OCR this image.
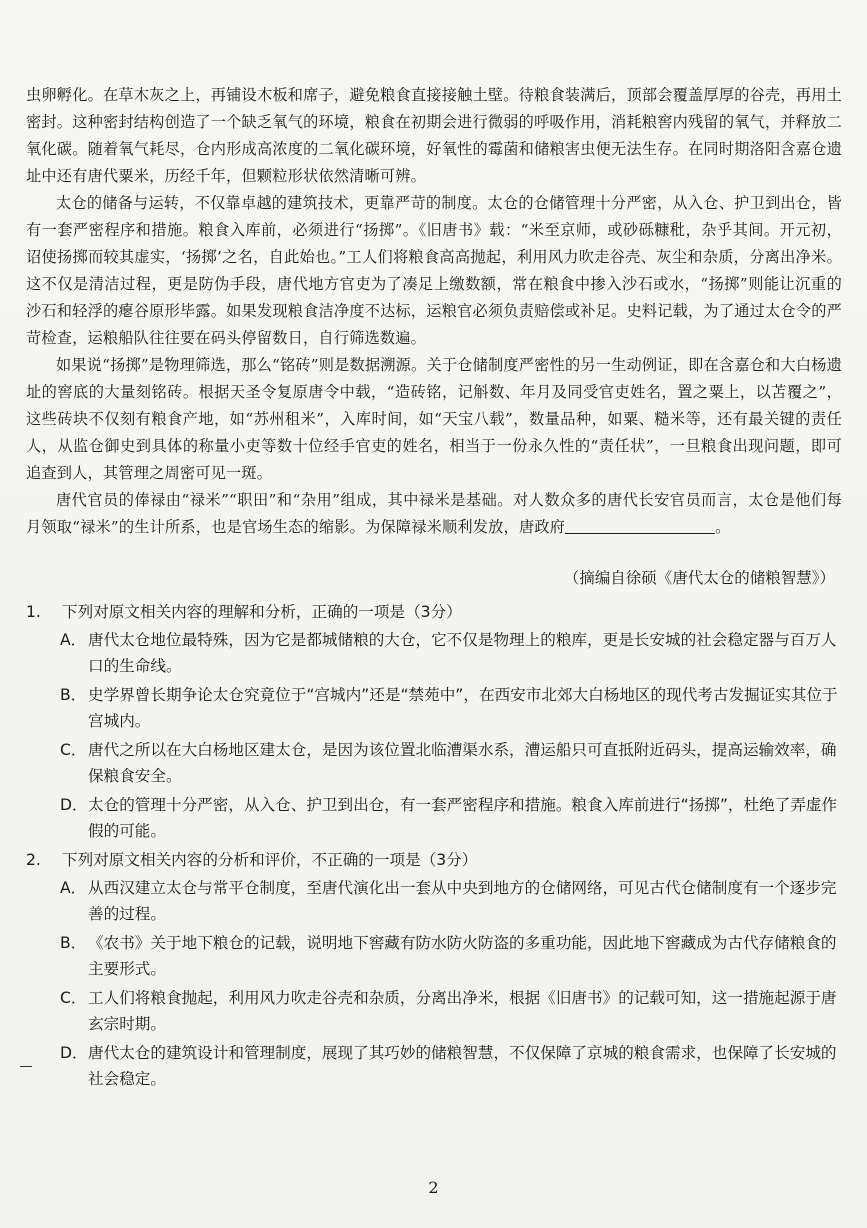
虫卵孵化。在草木灰之上，再铺设木板和席子，避免粮食直接接触土壁。待粮食装满后，顶部会覆盖厚厚的谷壳，再用土密封。这种密封结构创造了一个缺乏氧气的环境，粮食在初期会进行微弱的呼吸作用，消耗粮窖内残留的氧气，并释放二氧化碳。随着氧气耗尽，仓内形成高浓度的二氧化碳环境，好氧性的霉菌和储粮害虫便无法生存。在同时期洛阳含嘉仓遗址中还有唐代粟米，历经千年，但颗粒形状依然清晰可辨。

太仓的储备与运转，不仅靠卓越的建筑技术，更靠严苛的制度。太仓的仓储管理十分严密，从入仓、护卫到出仓，皆有一套严密程序和措施。粮食入库前，必须进行“扬掷”。《旧唐书》载：“米至京师，或砂砾糠秕，杂乎其间。开元初，诏使扬掷而较其虚实，‘扬掷’之名，自此始也。”工人们将粮食高高抛起，利用风力吹走谷壳、灰尘和杂质，分离出净米。这不仅是清洁过程，更是防伪手段，唐代地方官吏为了凑足上缴数额，常在粮食中掺入沙石或水，“扬掷”则能让沉重的沙石和轻浮的瘪谷原形毕露。如果发现粮食洁净度不达标，运粮官必须负责赔偿或补足。史料记载，为了通过太仓令的严苛检查，运粮船队往往要在码头停留数日，自行筛选数遍。

如果说“扬掷”是物理筛选，那么“铭砖”则是数据溯源。关于仓储制度严密性的另一生动例证，即在含嘉仓和大白杨遗址的窖底的大量刻铭砖。根据天圣令复原唐令中载，“造砖铭，记斛数、年月及同受官吏姓名，置之粟上，以苫覆之”，这些砖块不仅刻有粮食产地，如“苏州租米”，入库时间，如“天宝八载”，数量品种，如粟、糙米等，还有最关键的责任人，从监仓御史到具体的称量小吏等数十位经手官吏的姓名，相当于一份永久性的“责任状”，一旦粮食出现问题，即可追查到人，其管理之周密可见一斑。

唐代官员的俸禄由“禄米”“职田”和“杂用”组成，其中禄米是基础。对人数众多的唐代长安官员而言，太仓是他们每月领取“禄米”的生计所系，也是官场生态的缩影。为保障禄米顺利发放，唐政府	。

（摘编自徐硕《唐代太仓的储粮智慧》）
1. 下列对原文相关内容的理解和分析，正确的一项是（3分）
A． 唐代太仓地位最特殊，因为它是都城储粮的大仓，它不仅是物理上的粮库，更是长安城的社会稳定器与百万人口的生命线。
B． 史学界曾长期争论太仓究竟位于“宫城内”还是“禁苑中”，在西安市北郊大白杨地区的现代考古发掘证实其位于宫城内。
C．唐代之所以在大白杨地区建太仓，是因为该位置北临漕渠水系，漕运船只可直抵附近码头，提高运输效率，确保粮食安全。
D．太仓的管理十分严密，从入仓、护卫到出仓，有一套严密程序和措施。粮食入库前进行“扬掷”，杜绝了弄虚作假的可能。
2. 下列对原文相关内容的分析和评价，不正确的一项是（3分）
A． 从西汉建立太仓与常平仓制度，至唐代演化出一套从中央到地方的仓储网络，可见古代仓储制度有一个逐步完善的过程。
B． 《农书》关于地下粮仓的记载，说明地下窖藏有防水防火防盗的多重功能，因此地下窖藏成为古代存储粮食的主要形式。
C．工人们将粮食抛起，利用风力吹走谷壳和杂质，分离出净米，根据《旧唐书》的记载可知，这一措施起源于唐玄宗时期。
D．唐代太仓的建筑设计和管理制度，展现了其巧妙的储粮智慧，不仅保障了京城的粮食需求，也保障了长安城的社会稳定。
2
